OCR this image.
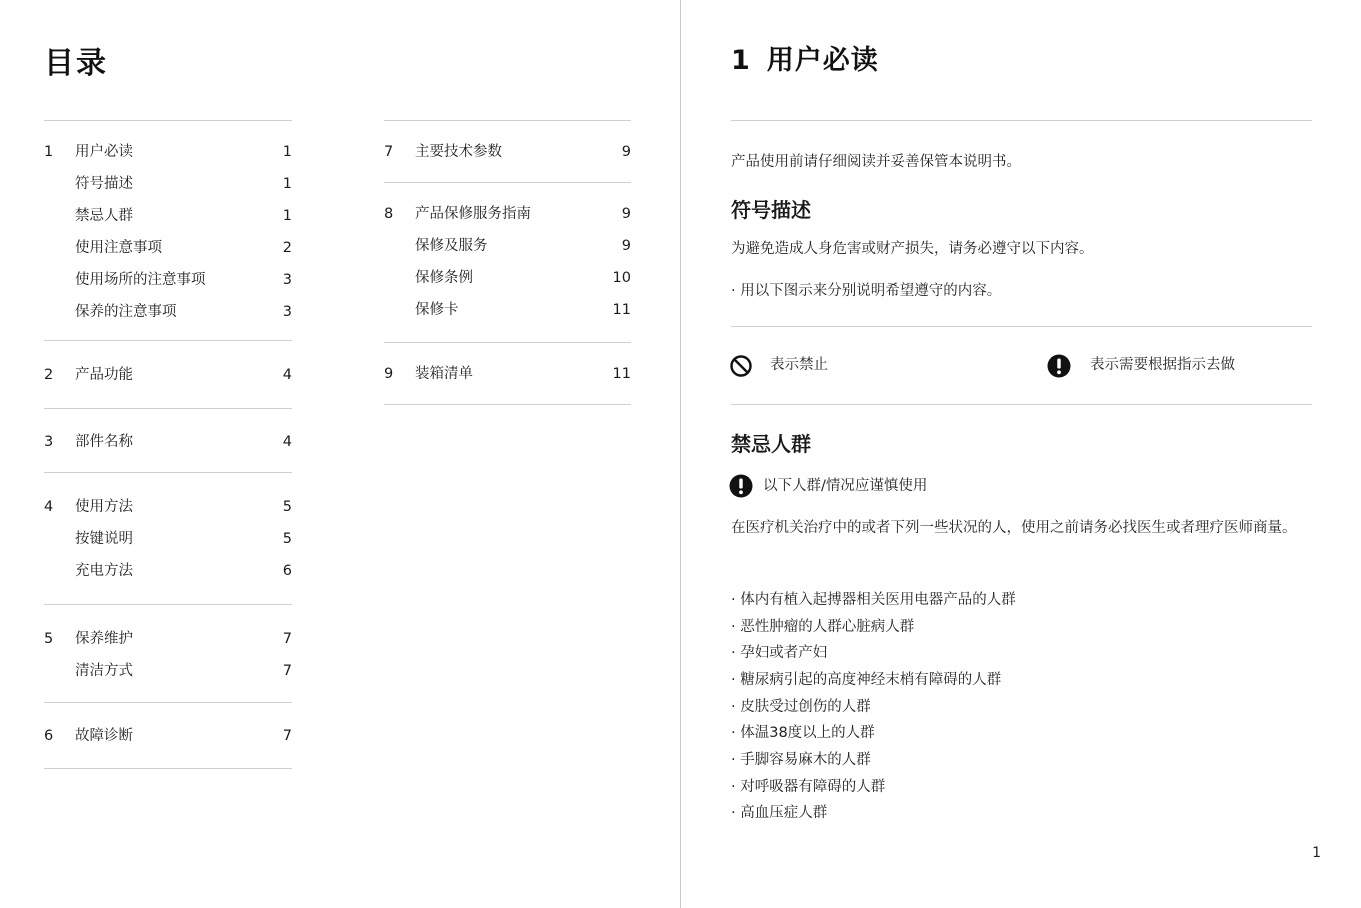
目录
1	用户必读	1
符号描述	1
禁忌人群	1
使用注意事项	2
使用场所的注意事项	3
保养的注意事项	3
2	产品功能	4
3	部件名称	4
4	使用方法	5
按键说明	5
充电方法	6
5	保养维护	7
清洁方式	7
6	故障诊断	7
7	主要技术参数	9
8	产品保修服务指南	9
保修及服务	9
保修条例	10
保修卡	11
9	装箱清单	11
1 用户必读
产品使用前请仔细阅读并妥善保管本说明书。
符号描述
为避免造成人身危害或财产损失，请务必遵守以下内容。
· 用以下图示来分别说明希望遵守的内容。
表示禁止	表示需要根据指示去做
禁忌人群
以下人群/情况应谨慎使用
在医疗机关治疗中的或者下列一些状况的人，使用之前请务必找医生或者理疗医师商量。
· 体内有植入起搏器相关医用电器产品的人群
· 恶性肿瘤的人群心脏病人群
· 孕妇或者产妇
· 糖尿病引起的高度神经末梢有障碍的人群
· 皮肤受过创伤的人群
· 体温38度以上的人群
· 手脚容易麻木的人群
· 对呼吸器有障碍的人群
· 高血压症人群
1
